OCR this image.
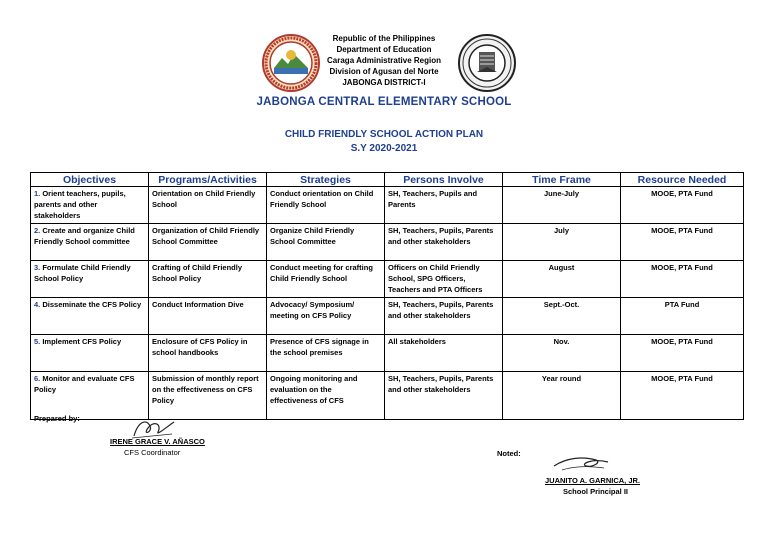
Republic of the Philippines
Department of Education
Caraga Administrative Region
Division of Agusan del Norte
JABONGA DISTRICT-I
JABONGA CENTRAL ELEMENTARY SCHOOL
CHILD FRIENDLY SCHOOL ACTION PLAN
S.Y 2020-2021
Objectives	Programs/Activities	Strategies	Persons Involve	Time Frame	Resource Needed
1. Orient teachers, pupils, parents and other stakeholders	Orientation on Child Friendly School	Conduct orientation on Child Friendly School	SH, Teachers, Pupils and Parents	June-July	MOOE, PTA Fund
2. Create and organize Child Friendly School committee	Organization of Child Friendly School Committee	Organize Child Friendly School Committee	SH, Teachers, Pupils, Parents and other stakeholders	July	MOOE, PTA Fund
3. Formulate Child Friendly School Policy	Crafting of Child Friendly School Policy	Conduct meeting for crafting Child Friendly School	Officers on Child Friendly School, SPG Officers, Teachers and PTA Officers	August	MOOE, PTA Fund
4. Disseminate the CFS Policy	Conduct Information Dive	Advocacy/ Symposium/ meeting on CFS Policy	SH, Teachers, Pupils, Parents and other stakeholders	Sept.-Oct.	PTA Fund
5. Implement CFS Policy	Enclosure of CFS Policy in school handbooks	Presence of CFS signage in the school premises	All stakeholders	Nov.	MOOE, PTA Fund
6. Monitor and evaluate CFS Policy	Submission of monthly report on the effectiveness on CFS Policy	Ongoing monitoring and evaluation on the effectiveness of CFS	SH, Teachers, Pupils, Parents and other stakeholders	Year round	MOOE, PTA Fund
Prepared by:
IRENE GRACE V. AÑASCO
CFS Coordinator	Noted:
JUANITO A. GARNICA, JR.
School Principal II
